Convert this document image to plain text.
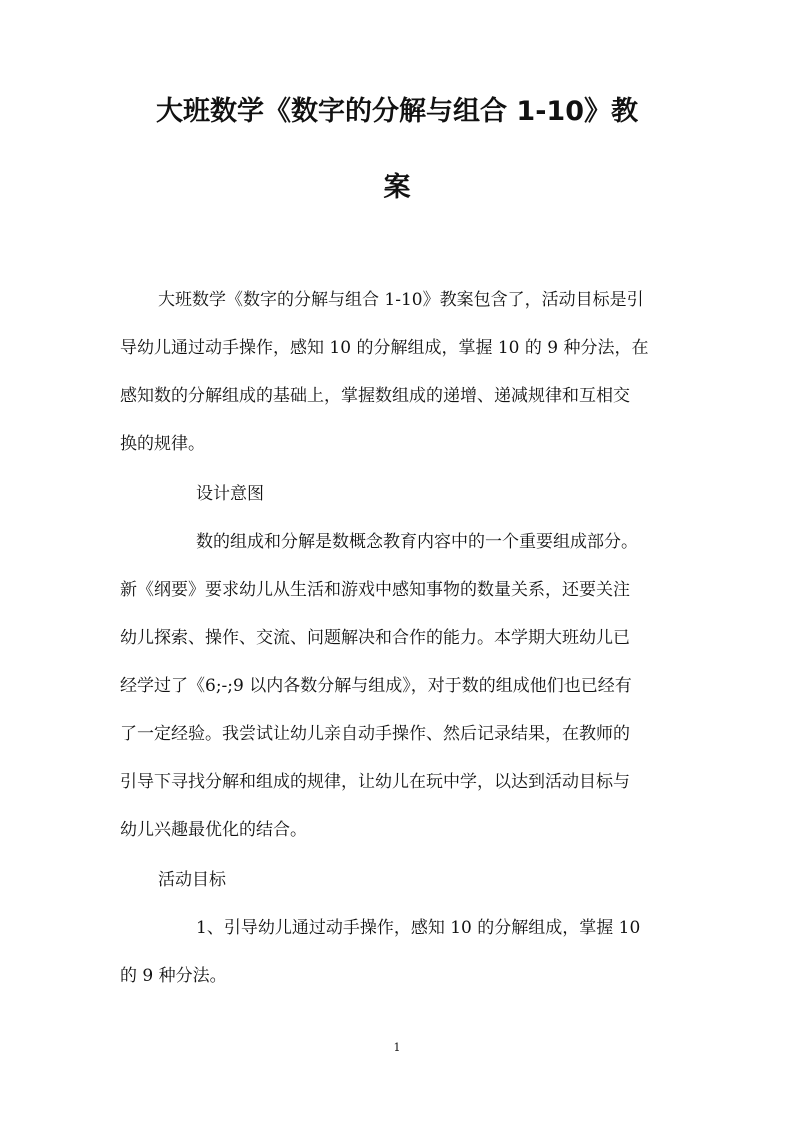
大班数学《数字的分解与组合 1-10》教
案
大班数学《数字的分解与组合 1-10》教案包含了，活动目标是引
导幼儿通过动手操作，感知 10 的分解组成，掌握 10 的 9 种分法，在
感知数的分解组成的基础上，掌握数组成的递增、递减规律和互相交
换的规律。
设计意图
数的组成和分解是数概念教育内容中的一个重要组成部分。
新《纲要》要求幼儿从生活和游戏中感知事物的数量关系，还要关注
幼儿探索、操作、交流、问题解决和合作的能力。本学期大班幼儿已
经学过了《6;-;9 以内各数分解与组成》，对于数的组成他们也已经有
了一定经验。我尝试让幼儿亲自动手操作、然后记录结果，在教师的
引导下寻找分解和组成的规律，让幼儿在玩中学，以达到活动目标与
幼儿兴趣最优化的结合。
活动目标
1、引导幼儿通过动手操作，感知 10 的分解组成，掌握 10
的 9 种分法。
1
